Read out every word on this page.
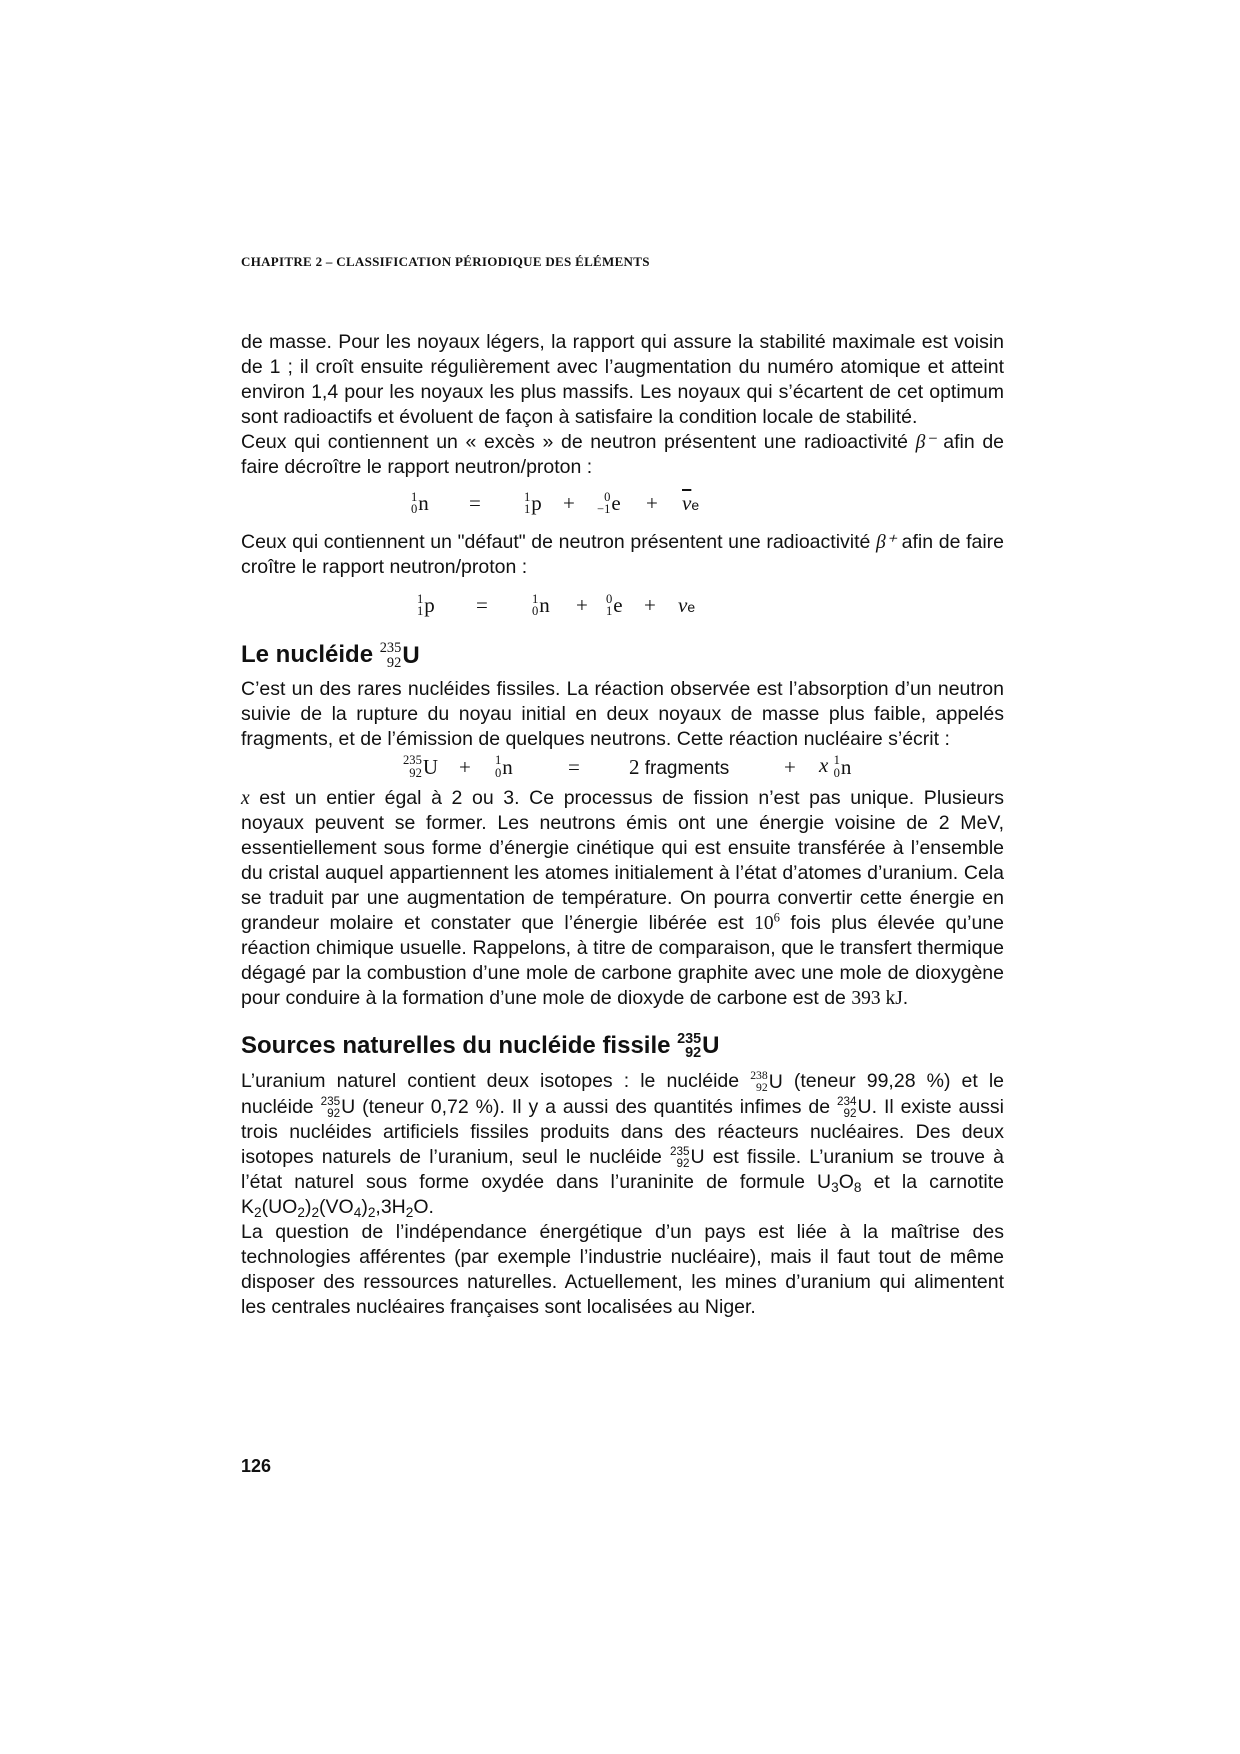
CHAPITRE 2 – CLASSIFICATION PÉRIODIQUE DES ÉLÉMENTS

de masse. Pour les noyaux légers, la rapport qui assure la stabilité maximale est voisin de 1 ; il croît ensuite régulièrement avec l’augmentation du numéro atomique et atteint environ 1,4 pour les noyaux les plus massifs. Les noyaux qui s’écartent de cet optimum sont radioactifs et évoluent de façon à satisfaire la condition locale de stabilité.

Ceux qui contiennent un « excès » de neutron présentent une radioactivité β⁻ afin de faire décroître le rapport neutron/proton :

1
0 n =	1
1 p + 0
−1 $e + \overline{\nu}e$

Ceux qui contiennent un "défaut" de neutron présentent une radioactivité β⁺ afin de faire croître le rapport neutron/proton :

1
1 p =	1
0 n + 0
1 e + νe
Le nucléide 235
92 U

C’est un des rares nucléides fissiles. La réaction observée est l’absorption d’un neutron suivie de la rupture du noyau initial en deux noyaux de masse plus faible, appelés fragments, et de l’émission de quelques neutrons. Cette réaction nucléaire s’écrit :

235
92 U + 1
0 n	= 2 fragments	+ x 1
0 n

x est un entier égal à 2 ou 3. Ce processus de fission n’est pas unique. Plusieurs noyaux peuvent se former. Les neutrons émis ont une énergie voisine de 2 MeV, essentiellement sous forme d’énergie cinétique qui est ensuite transférée à l’ensemble du cristal auquel appartiennent les atomes initialement à l’état d’atomes d’uranium. Cela se traduit par une augmentation de température. On pourra convertir cette énergie en grandeur molaire et constater que l’énergie libérée est $10^6$ fois plus élevée qu’une réaction chimique usuelle. Rappelons, à titre de comparaison, que le transfert thermique dégagé par la combustion d’une mole de carbone graphite avec une mole de dioxygène pour conduire à la formation d’une mole de dioxyde de carbone est de 393 kJ.

Sources naturelles du nucléide fissile 235
92 U

L’uranium naturel contient deux isotopes : le nucléide 238
92 U (teneur 99,28 %) et le nucléide 235
92 U (teneur 0,72 %). Il y a aussi des quantités infimes de 234
92 U . Il existe aussi trois nucléides artificiels fissiles produits dans des réacteurs nucléaires. Des deux isotopes naturels de l’uranium, seul le nucléide 235
92 U est fissile. L’uranium se trouve à l’état naturel sous forme oxydée dans l’uraninite de formule $U_3O_8$ et la carnotite $K_2(UO_2)_2(VO_4)_2,3H_2O$.

La question de l’indépendance énergétique d’un pays est liée à la maîtrise des technologies afférentes (par exemple l’industrie nucléaire), mais il faut tout de même disposer des ressources naturelles. Actuellement, les mines d’uranium qui alimentent les centrales nucléaires françaises sont localisées au Niger.

126
